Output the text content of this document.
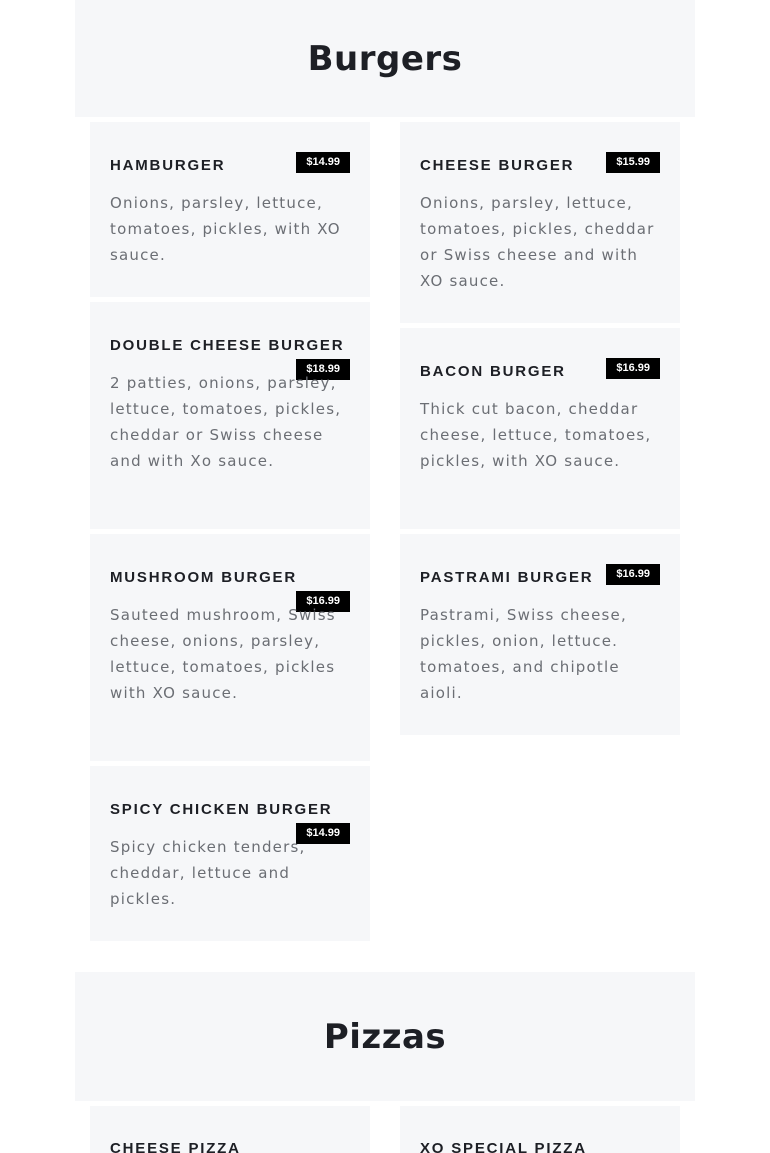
Burgers
HAMBURGER	$14.99

Onions, parsley, lettuce, tomatoes, pickles, with XO sauce.

CHEESE BURGER	$15.99

Onions, parsley, lettuce, tomatoes, pickles, cheddar or Swiss cheese and with XO sauce.

DOUBLE CHEESE BURGER
$18.99

2 patties, onions, parsley, lettuce, tomatoes, pickles, cheddar or Swiss cheese and with Xo sauce.

BACON BURGER	$16.99

Thick cut bacon, cheddar cheese, lettuce, tomatoes, pickles, with XO sauce.

MUSHROOM BURGER
$16.99

Sauteed mushroom, Swiss cheese, onions, parsley, lettuce, tomatoes, pickles with XO sauce.

PASTRAMI BURGER	$16.99

Pastrami, Swiss cheese, pickles, onion, lettuce. tomatoes, and chipotle aioli.

SPICY CHICKEN BURGER
$14.99

Spicy chicken tenders, cheddar, lettuce and pickles.

Pizzas
CHEESE PIZZA	XO SPECIAL PIZZA
